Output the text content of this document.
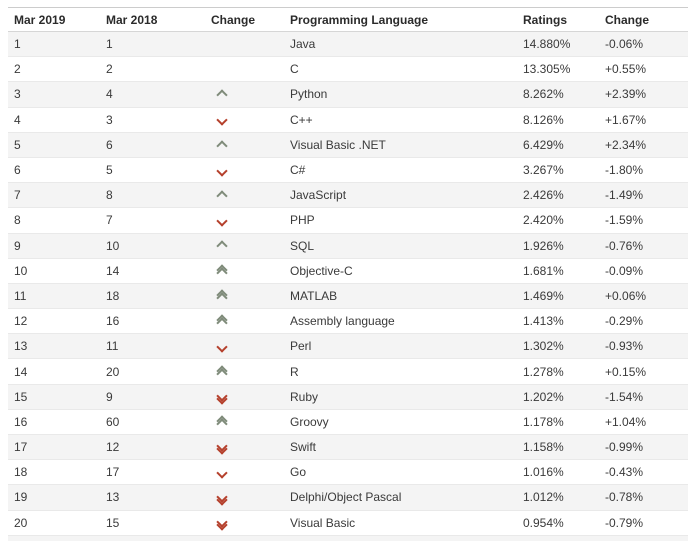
Mar 2019	Mar 2018	Change	Programming Language	Ratings	Change
1	1		Java	14.880%	-0.06%
2	2		C	13.305%	+0.55%
3	4		Python	8.262%	+2.39%
4	3		C++	8.126%	+1.67%
5	6		Visual Basic .NET	6.429%	+2.34%
6	5		C#	3.267%	-1.80%
7	8		JavaScript	2.426%	-1.49%
8	7		PHP	2.420%	-1.59%
9	10		SQL	1.926%	-0.76%
10	14		Objective-C	1.681%	-0.09%
11	18		MATLAB	1.469%	+0.06%
12	16		Assembly language	1.413%	-0.29%
13	11		Perl	1.302%	-0.93%
14	20		R	1.278%	+0.15%
15	9		Ruby	1.202%	-1.54%
16	60		Groovy	1.178%	+1.04%
17	12		Swift	1.158%	-0.99%
18	17		Go	1.016%	-0.43%
19	13		Delphi/Object Pascal	1.012%	-0.78%
20	15		Visual Basic	0.954%	-0.79%
